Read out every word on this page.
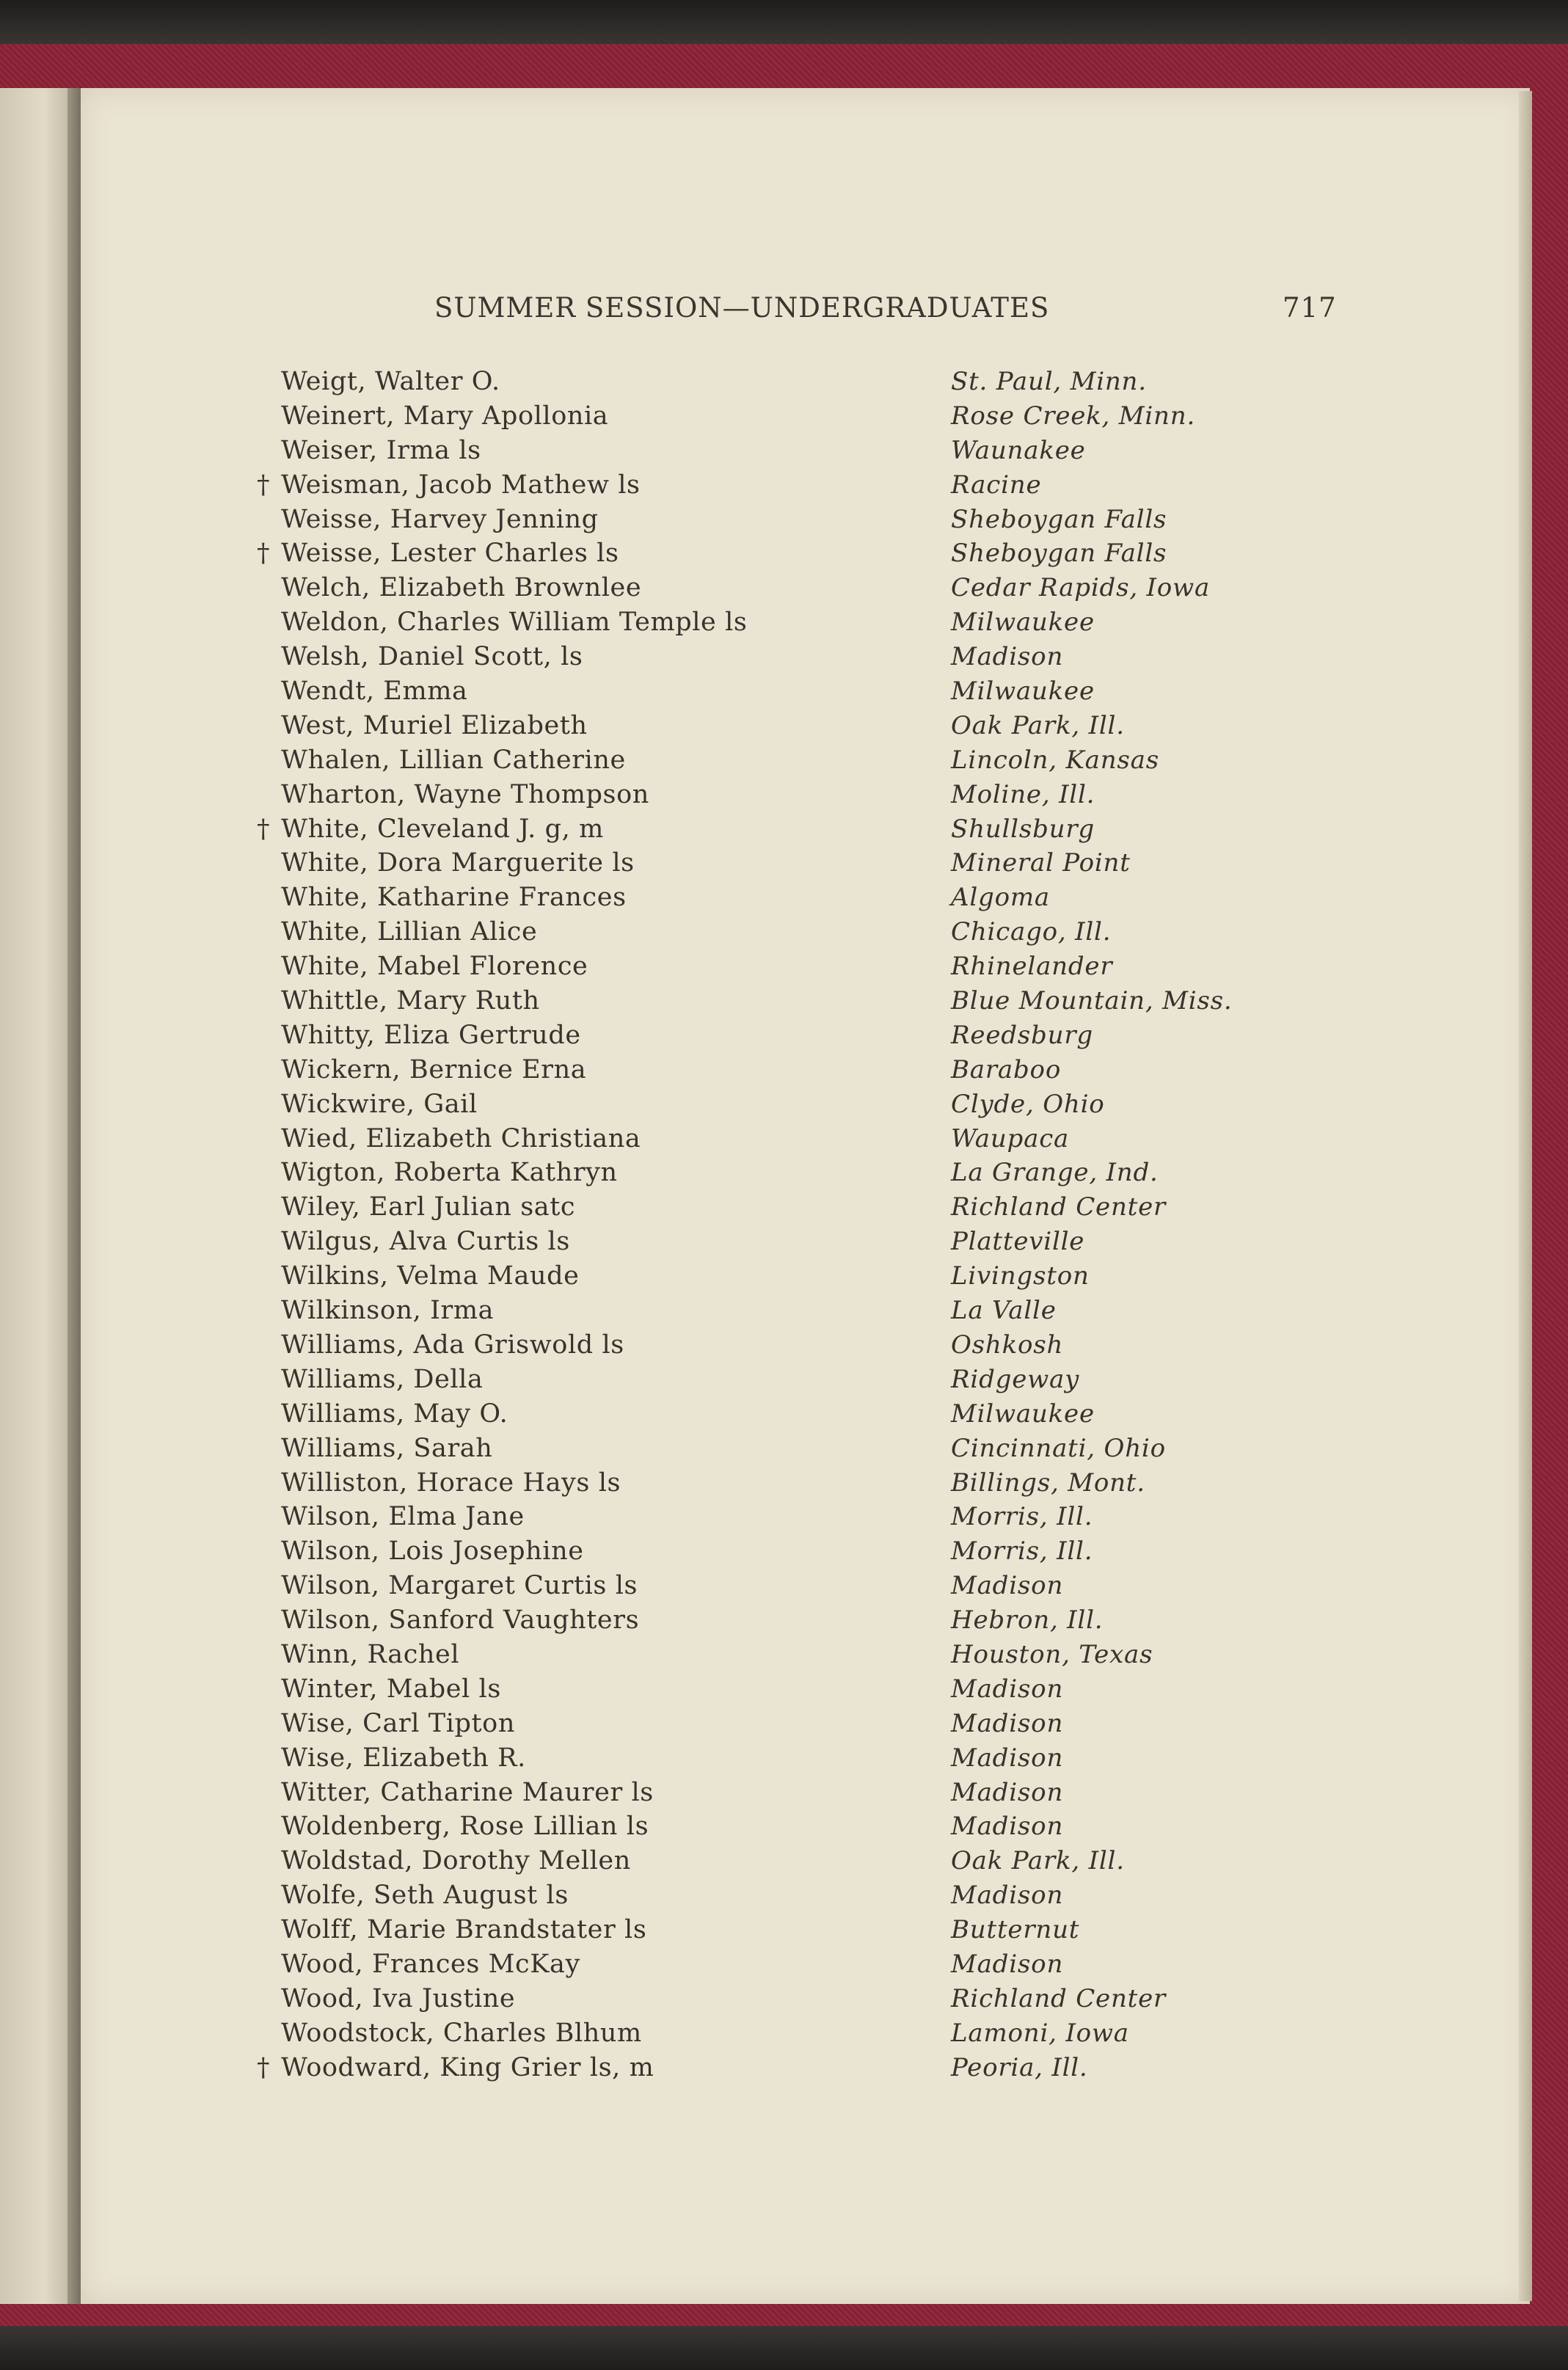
SUMMER SESSION—UNDERGRADUATES	717
Weigt, Walter O.	St. Paul, Minn.
Weinert, Mary Apollonia	Rose Creek, Minn.
Weiser, Irma ls	Waunakee
† Weisman, Jacob Mathew ls	Racine
Weisse, Harvey Jenning	Sheboygan Falls
† Weisse, Lester Charles ls	Sheboygan Falls
Welch, Elizabeth Brownlee	Cedar Rapids, Iowa
Weldon, Charles William Temple ls	Milwaukee
Welsh, Daniel Scott, ls	Madison
Wendt, Emma	Milwaukee
West, Muriel Elizabeth	Oak Park, Ill.
Whalen, Lillian Catherine	Lincoln, Kansas
Wharton, Wayne Thompson	Moline, Ill.
† White, Cleveland J. g, m	Shullsburg
White, Dora Marguerite ls	Mineral Point
White, Katharine Frances	Algoma
White, Lillian Alice	Chicago, Ill.
White, Mabel Florence	Rhinelander
Whittle, Mary Ruth	Blue Mountain, Miss.
Whitty, Eliza Gertrude	Reedsburg
Wickern, Bernice Erna	Baraboo
Wickwire, Gail	Clyde, Ohio
Wied, Elizabeth Christiana	Waupaca
Wigton, Roberta Kathryn	La Grange, Ind.
Wiley, Earl Julian satc	Richland Center
Wilgus, Alva Curtis ls	Platteville
Wilkins, Velma Maude	Livingston
Wilkinson, Irma	La Valle
Williams, Ada Griswold ls	Oshkosh
Williams, Della	Ridgeway
Williams, May O.	Milwaukee
Williams, Sarah	Cincinnati, Ohio
Williston, Horace Hays ls	Billings, Mont.
Wilson, Elma Jane	Morris, Ill.
Wilson, Lois Josephine	Morris, Ill.
Wilson, Margaret Curtis ls	Madison
Wilson, Sanford Vaughters	Hebron, Ill.
Winn, Rachel	Houston, Texas
Winter, Mabel ls	Madison
Wise, Carl Tipton	Madison
Wise, Elizabeth R.	Madison
Witter, Catharine Maurer ls	Madison
Woldenberg, Rose Lillian ls	Madison
Woldstad, Dorothy Mellen	Oak Park, Ill.
Wolfe, Seth August ls	Madison
Wolff, Marie Brandstater ls	Butternut
Wood, Frances McKay	Madison
Wood, Iva Justine	Richland Center
Woodstock, Charles Blhum	Lamoni, Iowa
† Woodward, King Grier ls, m	Peoria, Ill.
